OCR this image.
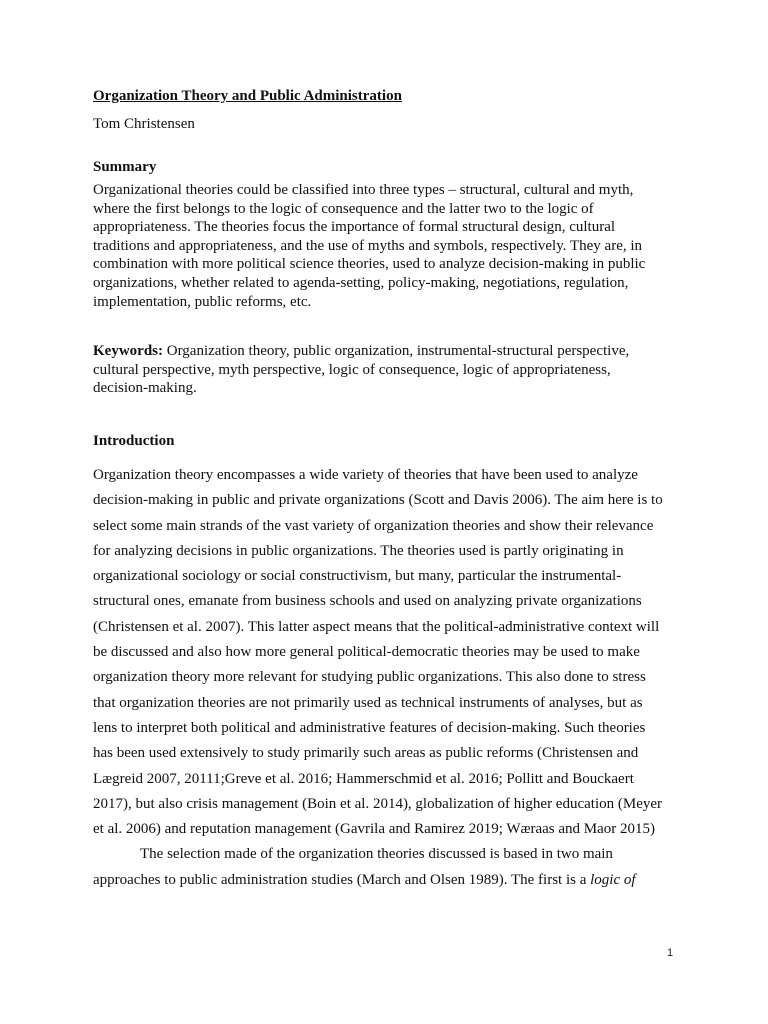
Organization Theory and Public Administration

Tom Christensen

Summary

Organizational theories could be classified into three types – structural, cultural and myth, where the first belongs to the logic of consequence and the latter two to the logic of appropriateness. The theories focus the importance of formal structural design, cultural traditions and appropriateness, and the use of myths and symbols, respectively. They are, in combination with more political science theories, used to analyze decision-making in public organizations, whether related to agenda-setting, policy-making, negotiations, regulation, implementation, public reforms, etc.

Keywords: Organization theory, public organization, instrumental-structural perspective, cultural perspective, myth perspective, logic of consequence, logic of appropriateness, decision-making.

Introduction

Organization theory encompasses a wide variety of theories that have been used to analyze decision-making in public and private organizations (Scott and Davis 2006). The aim here is to select some main strands of the vast variety of organization theories and show their relevance for analyzing decisions in public organizations. The theories used is partly originating in organizational sociology or social constructivism, but many, particular the instrumental-structural ones, emanate from business schools and used on analyzing private organizations (Christensen et al. 2007). This latter aspect means that the political-administrative context will be discussed and also how more general political-democratic theories may be used to make organization theory more relevant for studying public organizations. This also done to stress that organization theories are not primarily used as technical instruments of analyses, but as lens to interpret both political and administrative features of decision-making. Such theories has been used extensively to study primarily such areas as public reforms (Christensen and Lægreid 2007, 20111;Greve et al. 2016; Hammerschmid et al. 2016; Pollitt and Bouckaert 2017), but also crisis management (Boin et al. 2014), globalization of higher education (Meyer et al. 2006) and reputation management (Gavrila and Ramirez 2019; Wæraas and Maor 2015)

The selection made of the organization theories discussed is based in two main approaches to public administration studies (March and Olsen 1989). The first is a logic of

1
